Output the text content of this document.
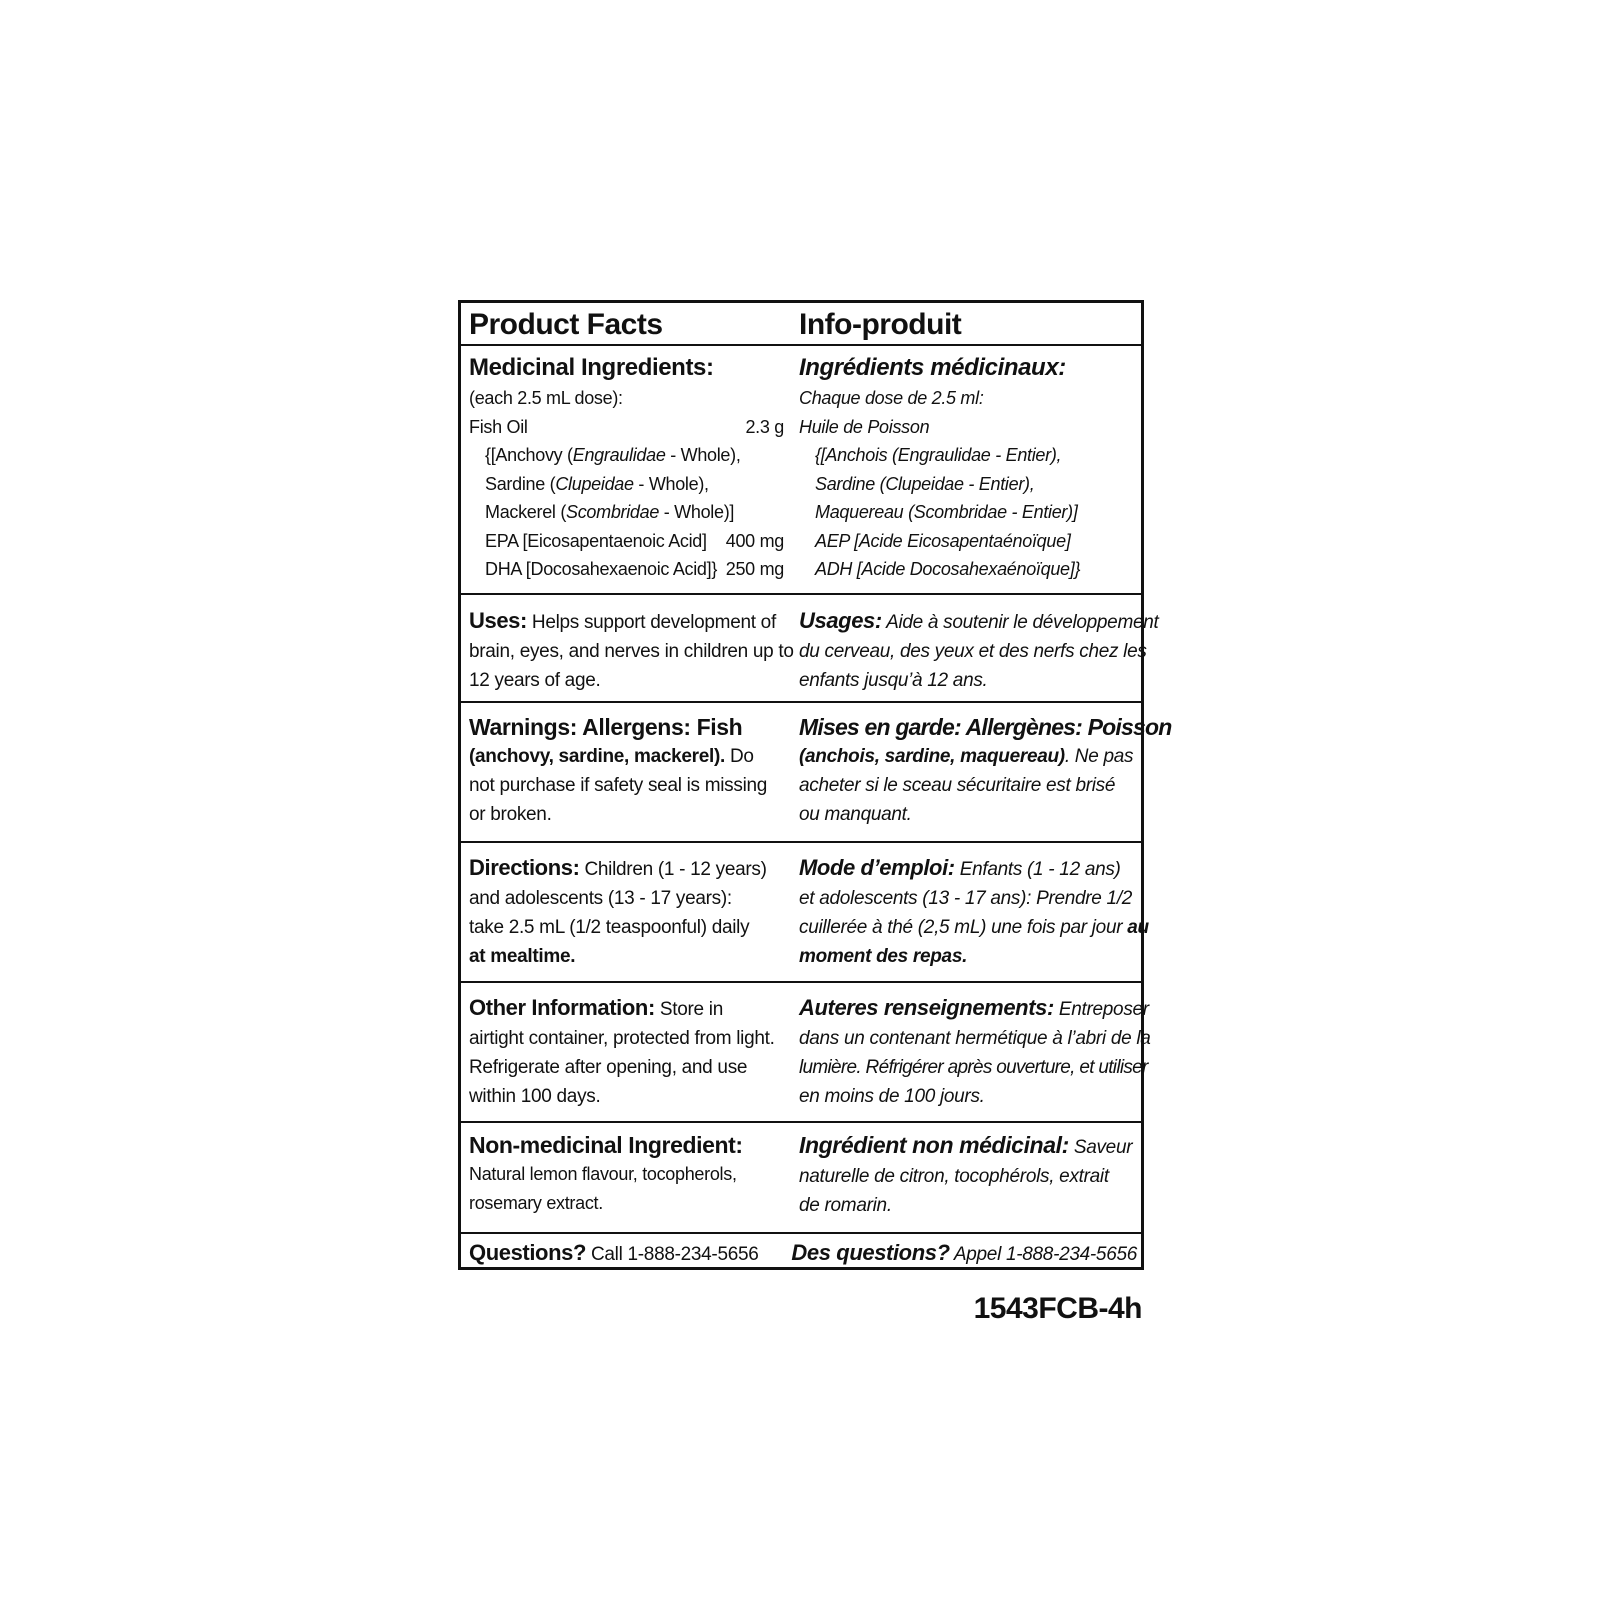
Product Facts	Info-produit
Medicinal Ingredients:
(each 2.5 mL dose):
Fish Oil	2.3 g
{[Anchovy (Engraulidae - Whole),
Sardine (Clupeidae - Whole),
Mackerel (Scombridae - Whole)]
EPA [Eicosapentaenoic Acid] 400 mg
DHA [Docosahexaenoic Acid]} 250 mg
Ingrédients médicinaux:
Chaque dose de 2.5 ml:
Huile de Poisson
{[Anchois (Engraulidae - Entier),
Sardine (Clupeidae - Entier),
Maquereau (Scombridae - Entier)]
AEP [Acide Eicosapentaénoïque]
ADH [Acide Docosahexaénoïque]}
Uses: Helps support development of
brain, eyes, and nerves in children up to
12 years of age.
Usages: Aide à soutenir le développement
du cerveau, des yeux et des nerfs chez les
enfants jusqu’à 12 ans.
Warnings: Allergens: Fish
(anchovy, sardine, mackerel). Do
not purchase if safety seal is missing
or broken.
Mises en garde: Allergènes: Poisson
(anchois, sardine, maquereau). Ne pas
acheter si le sceau sécuritaire est brisé
ou manquant.
Directions: Children (1 - 12 years)
and adolescents (13 - 17 years):
take 2.5 mL (1/2 teaspoonful) daily
at mealtime.
Mode d’emploi: Enfants (1 - 12 ans)
et adolescents (13 - 17 ans): Prendre 1/2
cuillerée à thé (2,5 mL) une fois par jour au
moment des repas.
Other Information: Store in
airtight container, protected from light.
Refrigerate after opening, and use
within 100 days.
Auteres renseignements: Entreposer
dans un contenant hermétique à l’abri de la
lumière. Réfrigérer après ouverture, et utiliser
en moins de 100 jours.
Non-medicinal Ingredient:
Natural lemon flavour, tocopherols,
rosemary extract.
Ingrédient non médicinal: Saveur
naturelle de citron, tocophérols, extrait
de romarin.
Questions? Call 1-888-234-5656	Des questions? Appel 1-888-234-5656
1543FCB-4h
